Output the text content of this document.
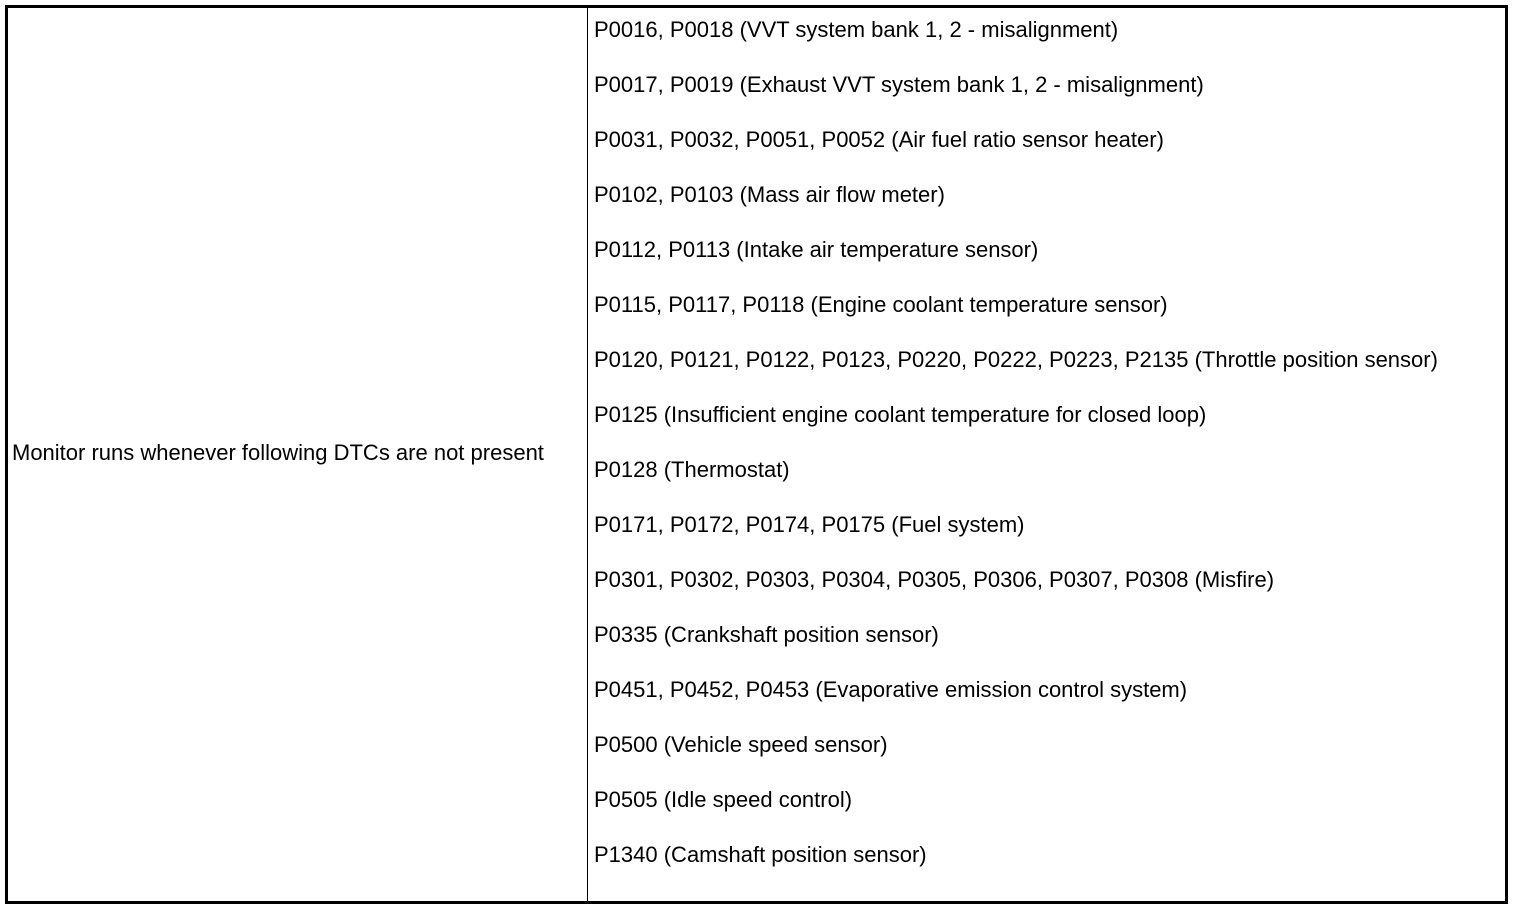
Monitor runs whenever following DTCs are not present
P0016, P0018 (VVT system bank 1, 2 - misalignment)
P0017, P0019 (Exhaust VVT system bank 1, 2 - misalignment)
P0031, P0032, P0051, P0052 (Air fuel ratio sensor heater)
P0102, P0103 (Mass air flow meter)
P0112, P0113 (Intake air temperature sensor)
P0115, P0117, P0118 (Engine coolant temperature sensor)
P0120, P0121, P0122, P0123, P0220, P0222, P0223, P2135 (Throttle position sensor)
P0125 (Insufficient engine coolant temperature for closed loop)
P0128 (Thermostat)
P0171, P0172, P0174, P0175 (Fuel system)
P0301, P0302, P0303, P0304, P0305, P0306, P0307, P0308 (Misfire)
P0335 (Crankshaft position sensor)
P0451, P0452, P0453 (Evaporative emission control system)
P0500 (Vehicle speed sensor)
P0505 (Idle speed control)
P1340 (Camshaft position sensor)
